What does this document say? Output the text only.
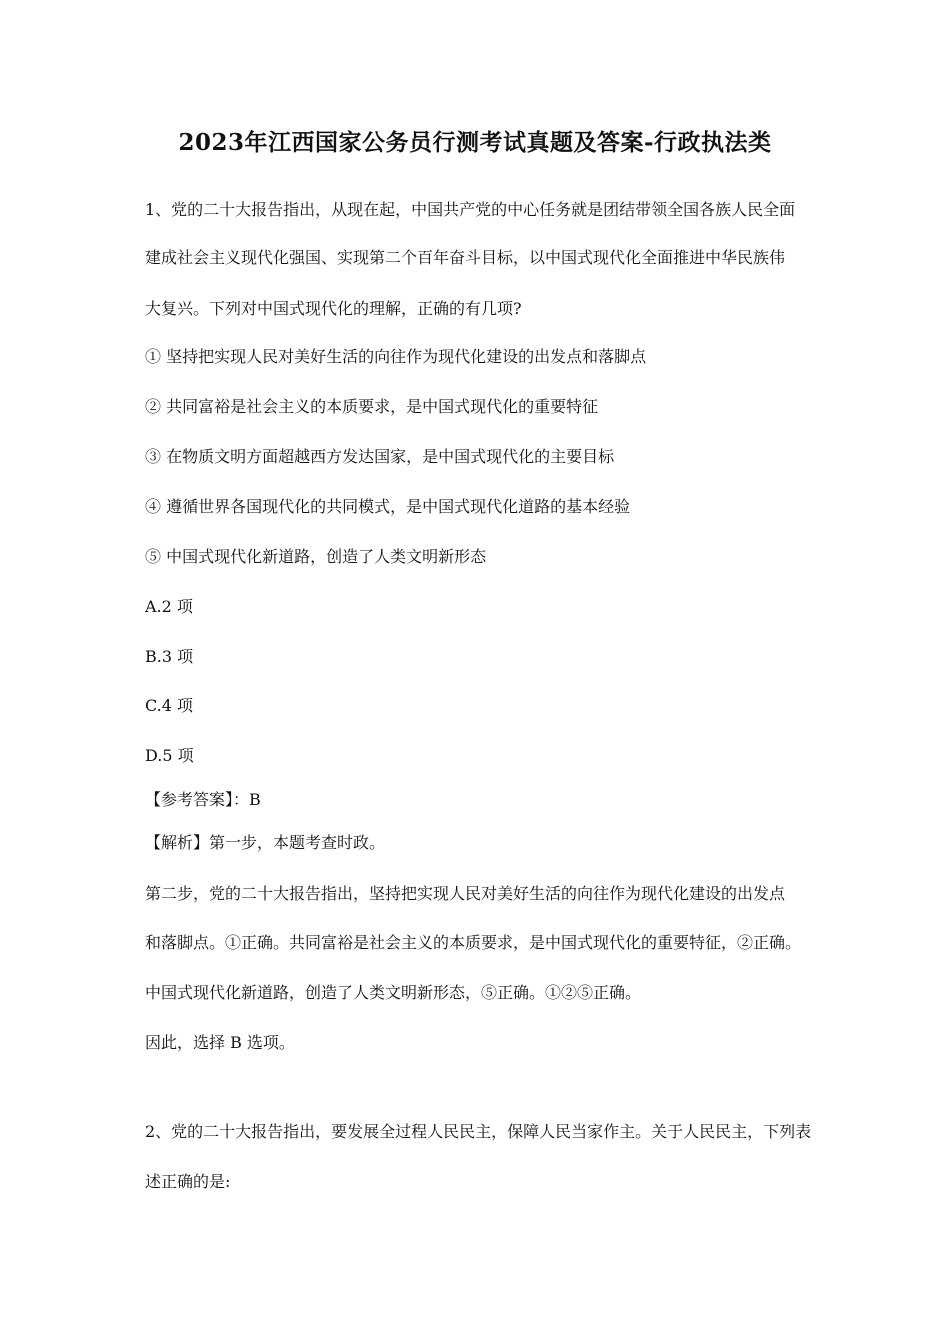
2023年江西国家公务员行测考试真题及答案-行政执法类

1、党的二十大报告指出，从现在起，中国共产党的中心任务就是团结带领全国各族人民全面

建成社会主义现代化强国、实现第二个百年奋斗目标，以中国式现代化全面推进中华民族伟

大复兴。下列对中国式现代化的理解，正确的有几项?

① 坚持把实现人民对美好生活的向往作为现代化建设的出发点和落脚点

② 共同富裕是社会主义的本质要求，是中国式现代化的重要特征

③ 在物质文明方面超越西方发达国家，是中国式现代化的主要目标

④ 遵循世界各国现代化的共同模式，是中国式现代化道路的基本经验

⑤ 中国式现代化新道路，创造了人类文明新形态

A.2 项

B.3 项

C.4 项

D.5 项

【参考答案】：B

【解析】第一步，本题考查时政。

第二步，党的二十大报告指出，坚持把实现人民对美好生活的向往作为现代化建设的出发点

和落脚点。①正确。共同富裕是社会主义的本质要求，是中国式现代化的重要特征，②正确。

中国式现代化新道路，创造了人类文明新形态，⑤正确。①②⑤正确。

因此，选择 B 选项。

2、党的二十大报告指出，要发展全过程人民民主，保障人民当家作主。关于人民民主，下列表

述正确的是:
